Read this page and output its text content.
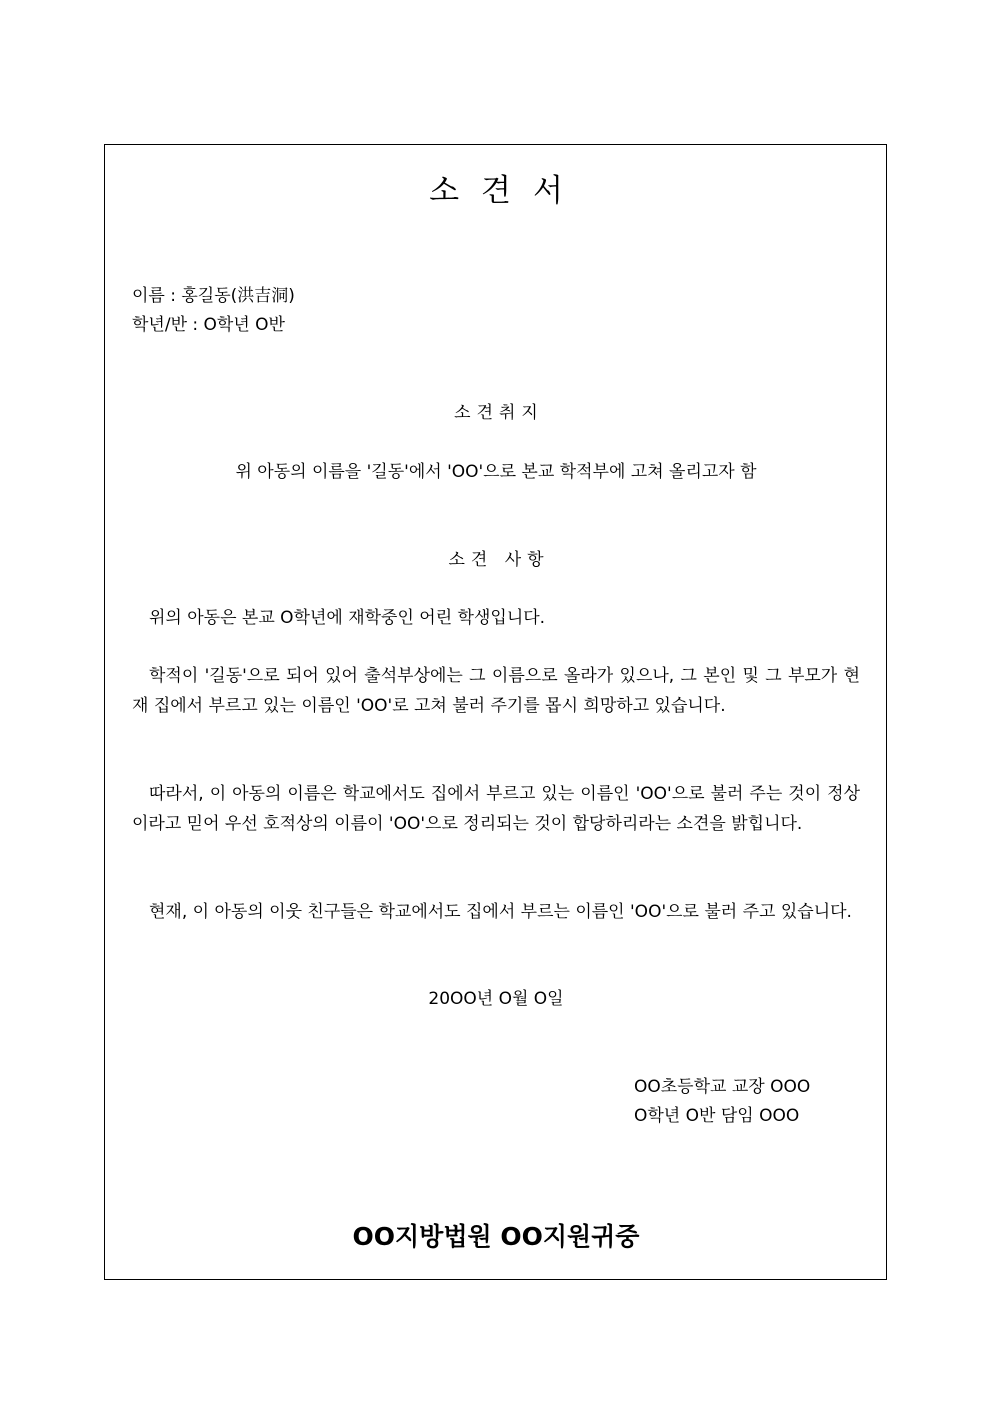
소견서
이름 : 홍길동(洪吉洞)
학년/반 : O학년 O반
소견취지
위 아동의 이름을 '길동'에서 'OO'으로 본교 학적부에 고쳐 올리고자 함
소견 사항

위의 아동은 본교 O학년에 재학중인 어린 학생입니다.

학적이 '길동'으로 되어 있어 출석부상에는 그 이름으로 올라가 있으나, 그 본인 및 그 부모가 현재 집에서 부르고 있는 이름인 'OO'로 고쳐 불러 주기를 몹시 희망하고 있습니다.

따라서, 이 아동의 이름은 학교에서도 집에서 부르고 있는 이름인 'OO'으로 불러 주는 것이 정상이라고 믿어 우선 호적상의 이름이 'OO'으로 정리되는 것이 합당하리라는 소견을 밝힙니다.

현재, 이 아동의 이웃 친구들은 학교에서도 집에서 부르는 이름인 'OO'으로 불러 주고 있습니다.

20OO년 O월 O일
OO초등학교 교장 OOO
O학년 O반 담임 OOO
OO지방법원 OO지원귀중
